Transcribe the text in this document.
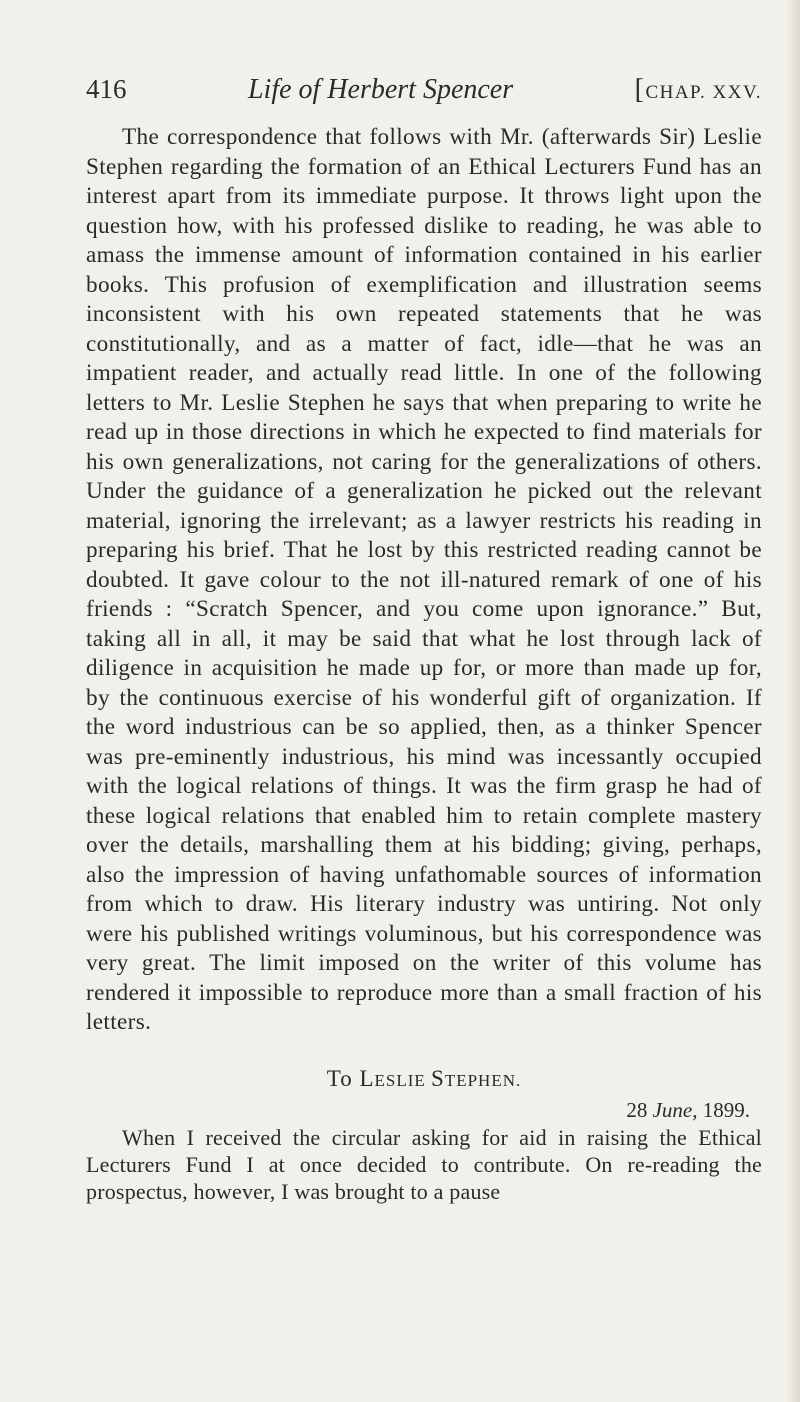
416	Life of Herbert Spencer	[CHAP. XXV.

The correspondence that follows with Mr. (afterwards Sir) Leslie Stephen regarding the formation of an Ethical Lecturers Fund has an interest apart from its immediate purpose. It throws light upon the question how, with his professed dislike to reading, he was able to amass the immense amount of information contained in his earlier books. This profusion of exemplification and illustration seems inconsistent with his own repeated statements that he was constitutionally, and as a matter of fact, idle—that he was an impatient reader, and actually read little. In one of the following letters to Mr. Leslie Stephen he says that when preparing to write he read up in those directions in which he expected to find materials for his own generalizations, not caring for the generalizations of others. Under the guidance of a generalization he picked out the relevant material, ignoring the irrelevant; as a lawyer restricts his reading in preparing his brief. That he lost by this restricted reading cannot be doubted. It gave colour to the not ill-natured remark of one of his friends : “Scratch Spencer, and you come upon ignorance.” But, taking all in all, it may be said that what he lost through lack of diligence in acquisition he made up for, or more than made up for, by the continuous exercise of his wonderful gift of organization. If the word industrious can be so applied, then, as a thinker Spencer was pre-eminently industrious, his mind was incessantly occupied with the logical relations of things. It was the firm grasp he had of these logical relations that enabled him to retain complete mastery over the details, marshalling them at his bidding; giving, perhaps, also the impression of having unfathomable sources of information from which to draw. His literary industry was untiring. Not only were his published writings voluminous, but his correspondence was very great. The limit imposed on the writer of this volume has rendered it impossible to reproduce more than a small fraction of his letters.

To LESLIE STEPHEN.
28 June, 1899.

When I received the circular asking for aid in raising the Ethical Lecturers Fund I at once decided to contribute. On re-reading the prospectus, however, I was brought to a pause
